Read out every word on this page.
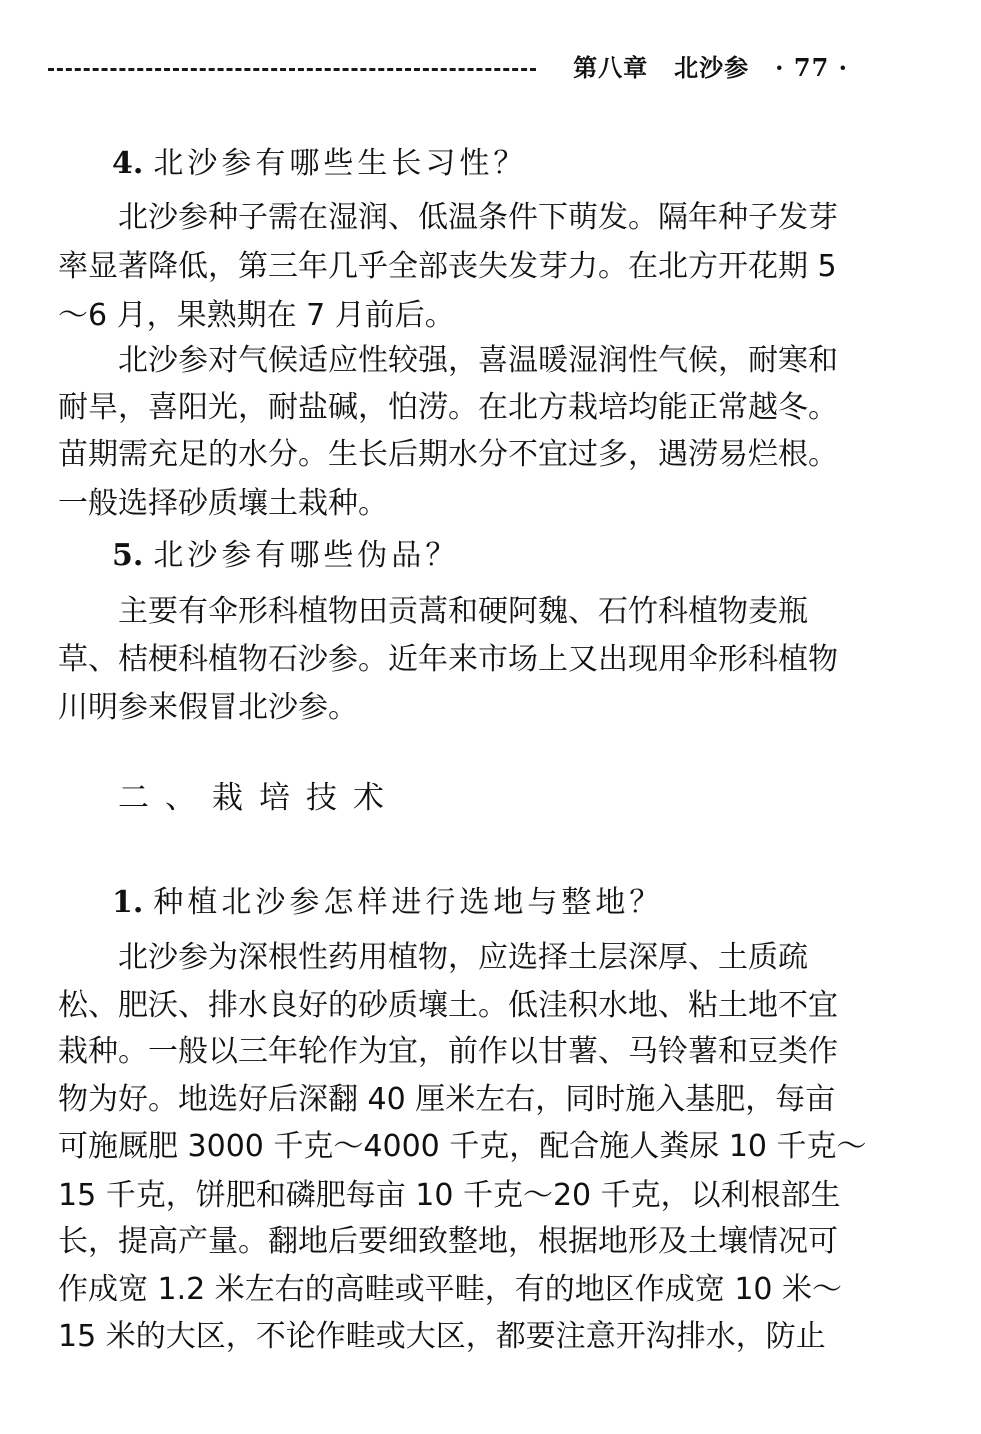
第八章 北沙参 · 77 ·
4. 北沙参有哪些生长习性？
北沙参种子需在湿润、低温条件下萌发。隔年种子发芽
率显著降低，第三年几乎全部丧失发芽力。在北方开花期 5
～6 月，果熟期在 7 月前后。
北沙参对气候适应性较强，喜温暖湿润性气候，耐寒和
耐旱，喜阳光，耐盐碱，怕涝。在北方栽培均能正常越冬。
苗期需充足的水分。生长后期水分不宜过多，遇涝易烂根。
一般选择砂质壤土栽种。
5. 北沙参有哪些伪品？
主要有伞形科植物田贡蒿和硬阿魏、石竹科植物麦瓶
草、桔梗科植物石沙参。近年来市场上又出现用伞形科植物
川明参来假冒北沙参。
二、栽培技术
1. 种植北沙参怎样进行选地与整地？
北沙参为深根性药用植物，应选择土层深厚、土质疏
松、肥沃、排水良好的砂质壤土。低洼积水地、粘土地不宜
栽种。一般以三年轮作为宜，前作以甘薯、马铃薯和豆类作
物为好。地选好后深翻 40 厘米左右，同时施入基肥，每亩
可施厩肥 3000 千克～4000 千克，配合施人粪尿 10 千克～
15 千克，饼肥和磷肥每亩 10 千克～20 千克，以利根部生
长，提高产量。翻地后要细致整地，根据地形及土壤情况可
作成宽 1.2 米左右的高畦或平畦，有的地区作成宽 10 米～
15 米的大区，不论作畦或大区，都要注意开沟排水，防止
